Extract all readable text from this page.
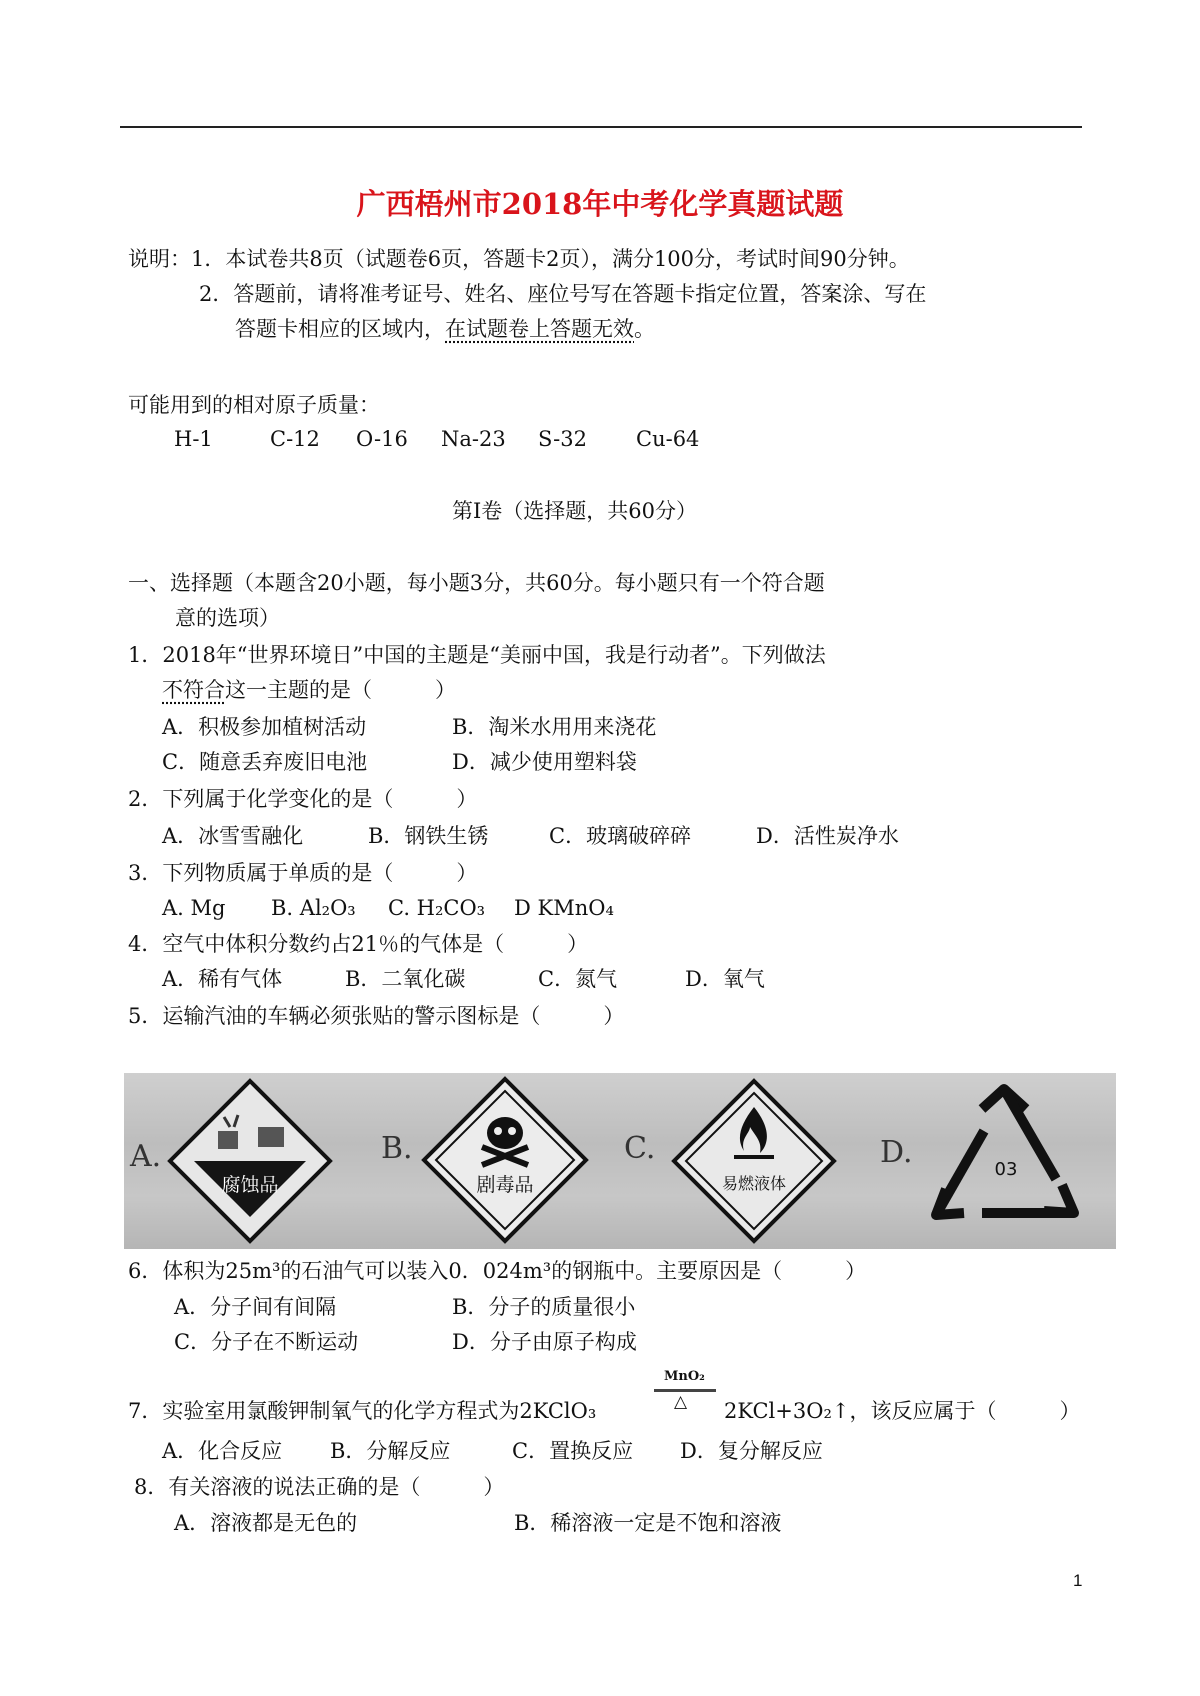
广西梧州市2018年中考化学真题试题
说明：1．本试卷共8页（试题卷6页，答题卡2页），满分100分，考试时间90分钟。
2．答题前，请将准考证号、姓名、座位号写在答题卡指定位置，答案涂、写在
答题卡相应的区域内，在试题卷上答题无效。
可能用到的相对原子质量：
H-1	C-12 O-16 Na-23 S-32 Cu-64
第Ⅰ卷（选择题，共60分）
一、选择题（本题含20小题，每小题3分，共60分。每小题只有一个符合题
意的选项）
1．2018年“世界环境日”中国的主题是“美丽中国，我是行动者”。下列做法
不符合这一主题的是（　　　）
A．积极参加植树活动	B．淘米水用用来浇花
C．随意丢弃废旧电池	D．减少使用塑料袋
2．下列属于化学变化的是（　　　）
A．冰雪雪融化	B．钢铁生锈	C．玻璃破碎碎	D．活性炭净水
3．下列物质属于单质的是（　　　）
A. Mg B. Al₂O₃ C. H₂CO₃ D KMnO₄
4．空气中体积分数约占21％的气体是（　　　）
A．稀有气体	B．二氧化碳	C．氮气	D．氧气
5．运输汽油的车辆必须张贴的警示图标是（　　　）
A.	B.	C.	D.
腐蚀品	剧毒品	易燃液体
03
6．体积为25m³的石油气可以装入0．024m³的钢瓶中。主要原因是（　　　）
A．分子间有间隔	B．分子的质量很小
C．分子在不断运动	D．分子由原子构成
7．实验室用氯酸钾制氧气的化学方程式为2KClO₃
MnO₂
△ 2KCl+3O₂↑，该反应属于（　　　）
A．化合反应 B．分解反应	C．置换反应 D．复分解反应
8．有关溶液的说法正确的是（　　　）
A．溶液都是无色的	B．稀溶液一定是不饱和溶液
1
